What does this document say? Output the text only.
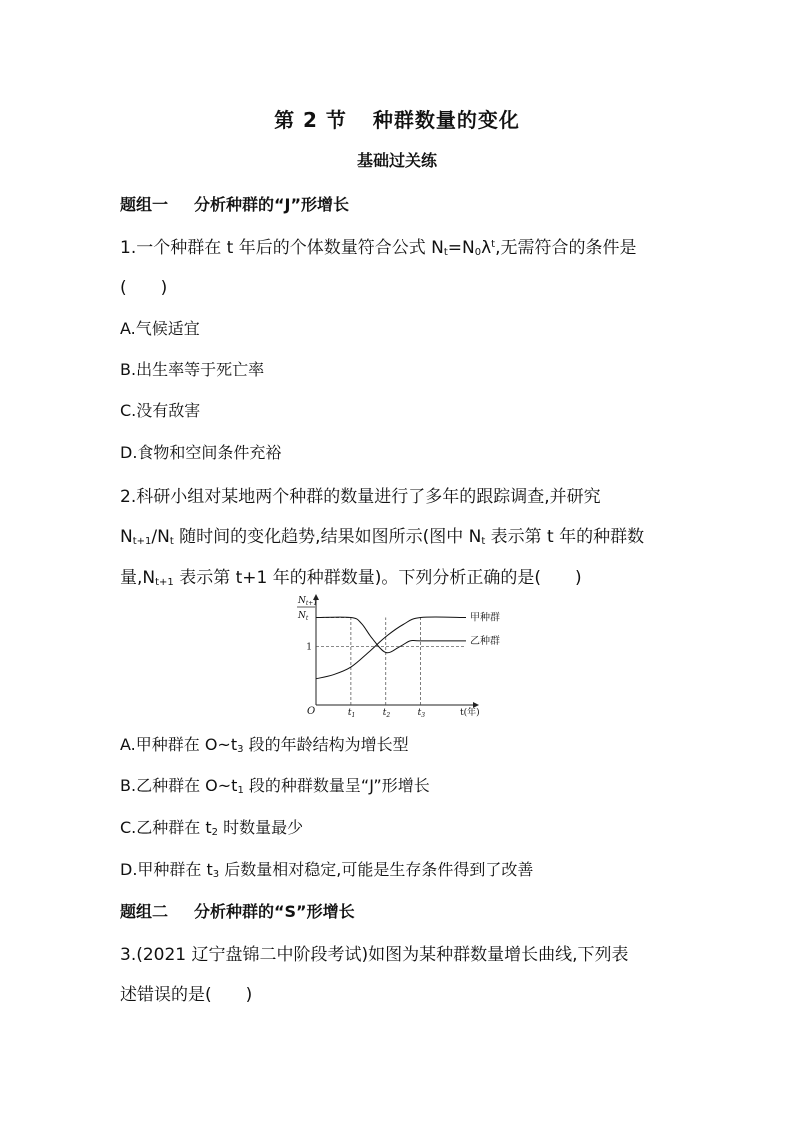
第 2 节 种群数量的变化
基础过关练
题组一 分析种群的“J”形增长
1.一个种群在 t 年后的个体数量符合公式 $N_t=N_0\lambda^t$,无需符合的条件是
(　　)
A.气候适宜
B.出生率等于死亡率
C.没有敌害
D.食物和空间条件充裕
2.科研小组对某地两个种群的数量进行了多年的跟踪调查,并研究
$N_{t+1}/N_t$ 随时间的变化趋势,结果如图所示(图中 $N_t$ 表示第 t 年的种群数
量$,N_{t+1}$ 表示第 t+1 年的种群数量)。下列分析正确的是(　　)
$N_{t+1}$
$N_t$
O
1
$t_1$	$t_2$	$t_3$	t(年)
甲种群
乙种群
A.甲种群在 $O\sim t_3$ 段的年龄结构为增长型
B.乙种群在 $O\sim t_1$ 段的种群数量呈“J”形增长
C.乙种群在 $t_2$ 时数量最少
D.甲种群在 $t_3$ 后数量相对稳定,可能是生存条件得到了改善
题组二 分析种群的“S”形增长
3.(2021 辽宁盘锦二中阶段考试)如图为某种群数量增长曲线,下列表
述错误的是(　　)
